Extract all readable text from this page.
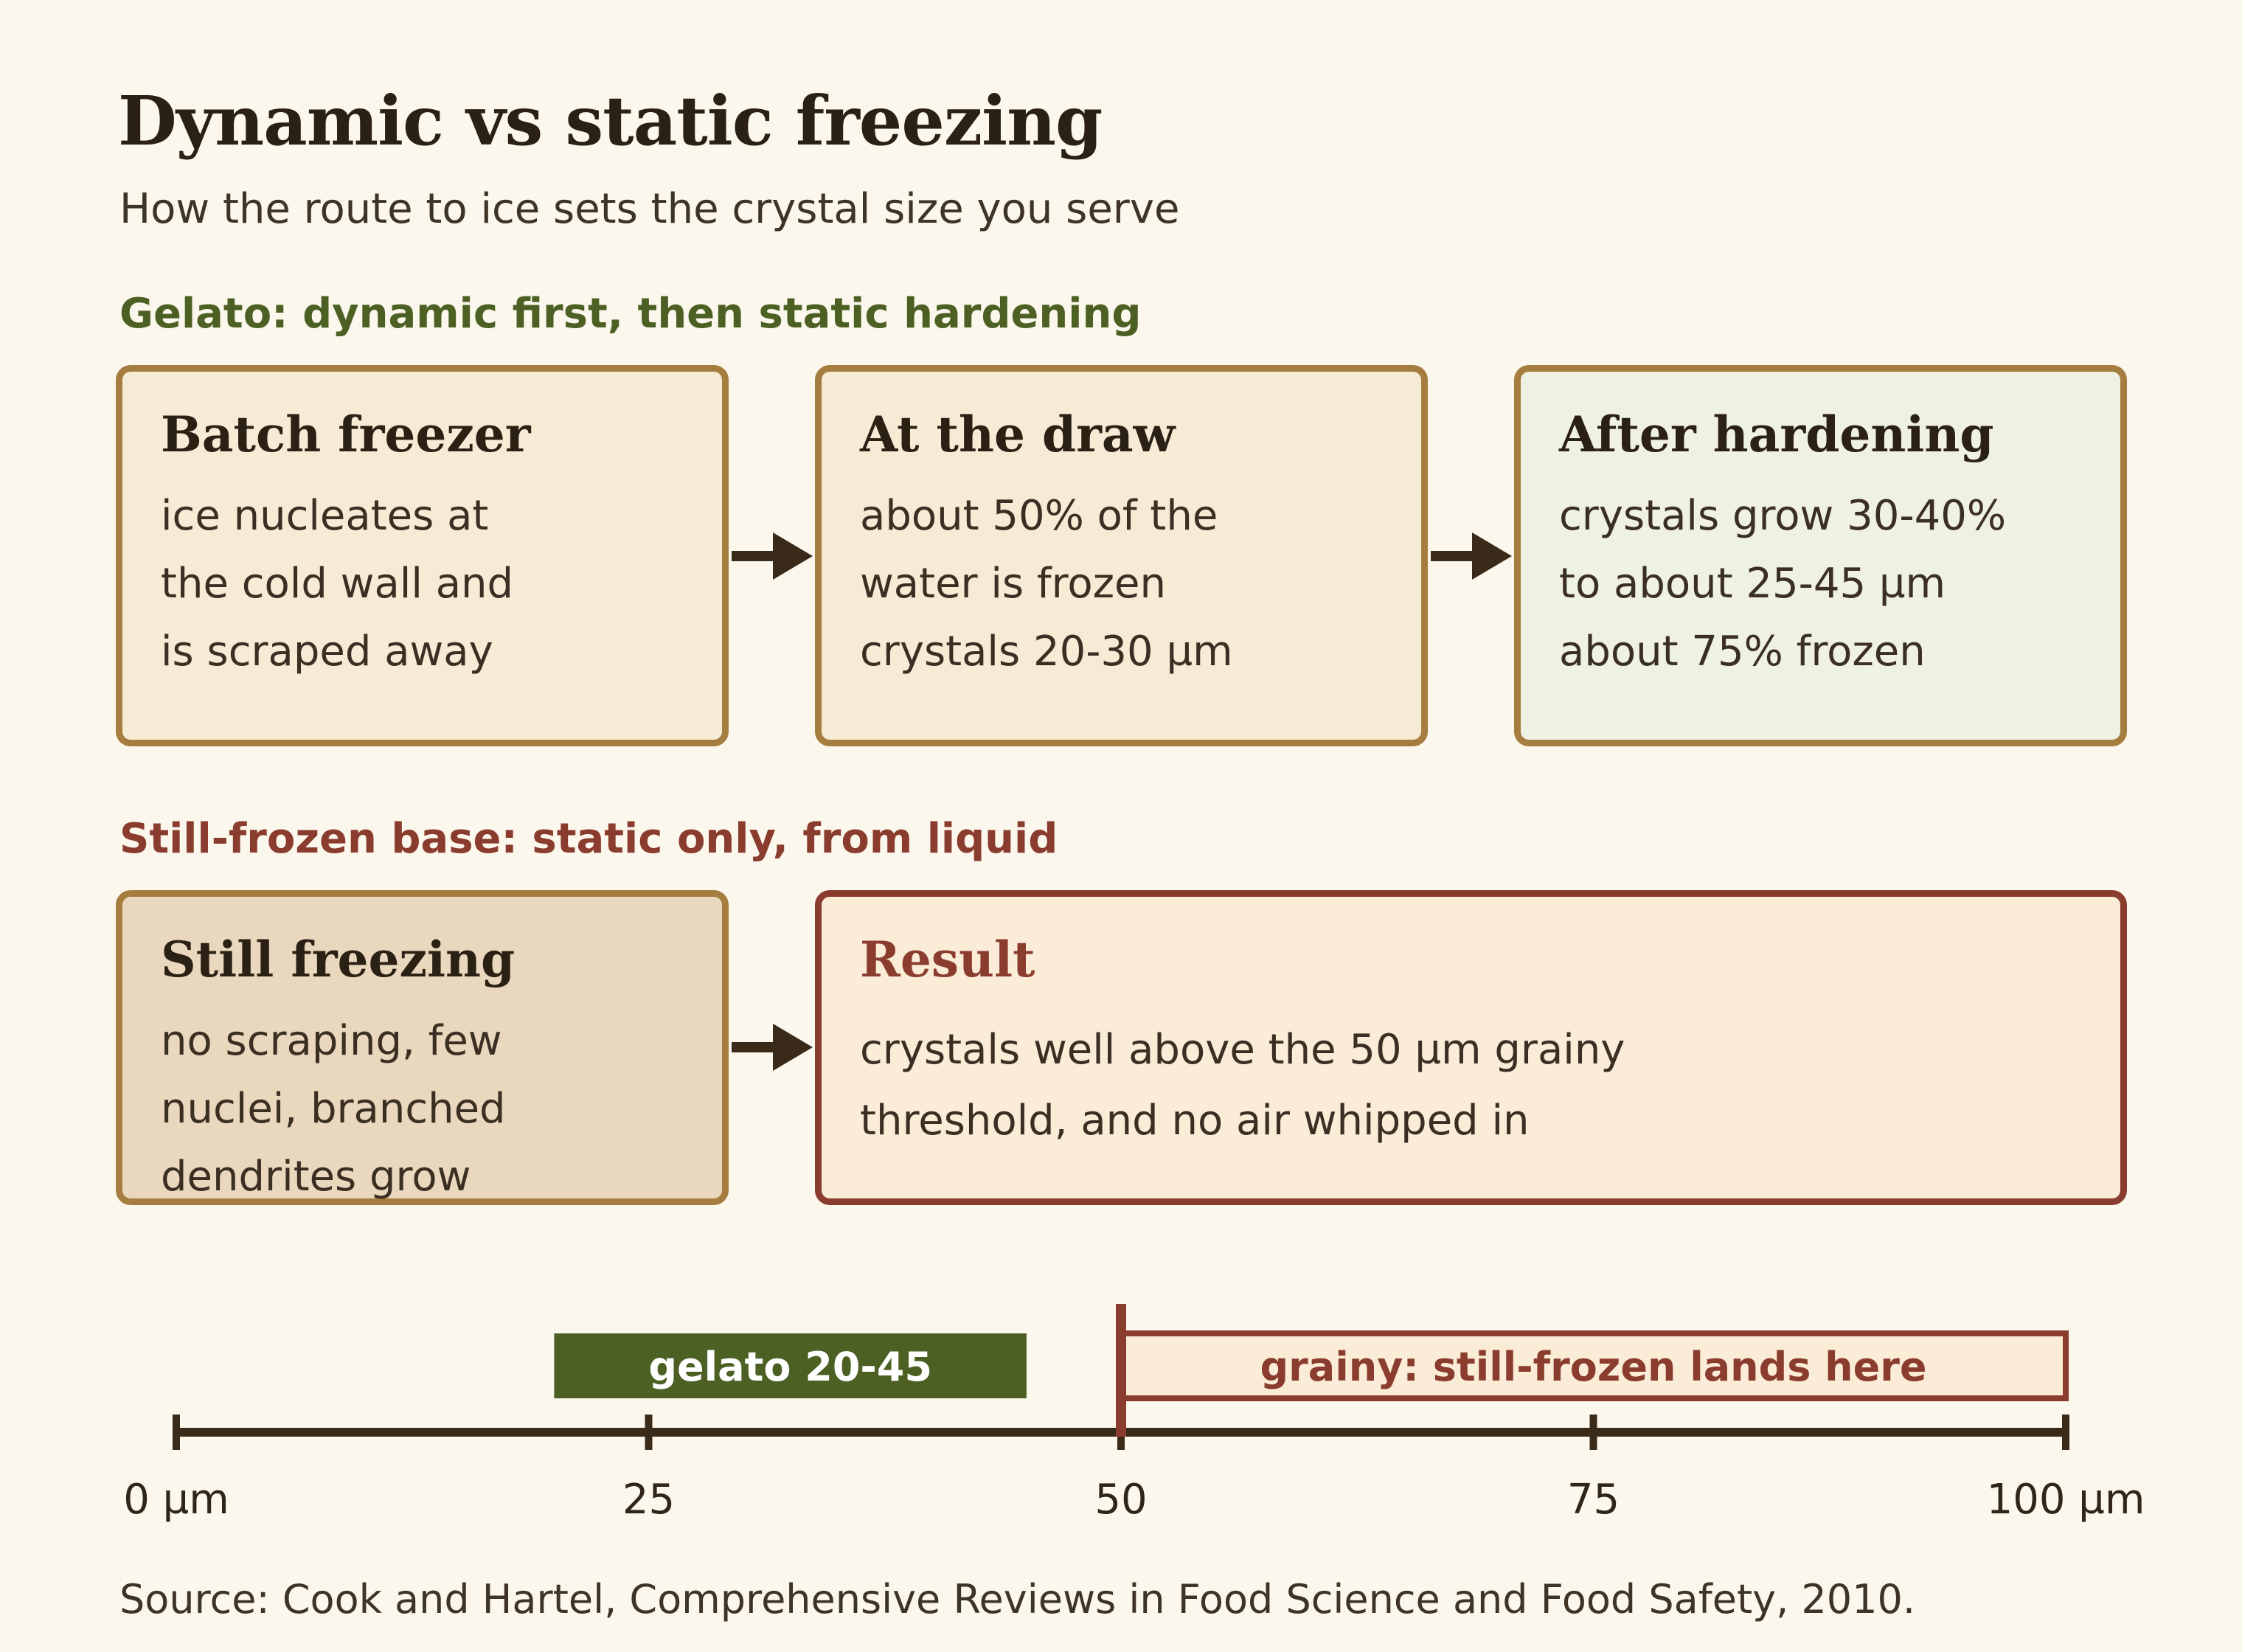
Dynamic vs static freezing
How the route to ice sets the crystal size you serve
Gelato: dynamic first, then static hardening
Batch freezer
ice nucleates at
the cold wall and
is scraped away
At the draw
about 50% of the
water is frozen
crystals 20-30 µm
After hardening
crystals grow 30-40%
to about 25-45 µm
about 75% frozen
Still-frozen base: static only, from liquid
Still freezing
no scraping, few
nuclei, branched
dendrites grow
Result
crystals well above the 50 µm grainy
threshold, and no air whipped in
0 µm	25	50	75	100 µm
gelato 20-45	grainy: still-frozen lands here
Source: Cook and Hartel, Comprehensive Reviews in Food Science and Food Safety, 2010.
